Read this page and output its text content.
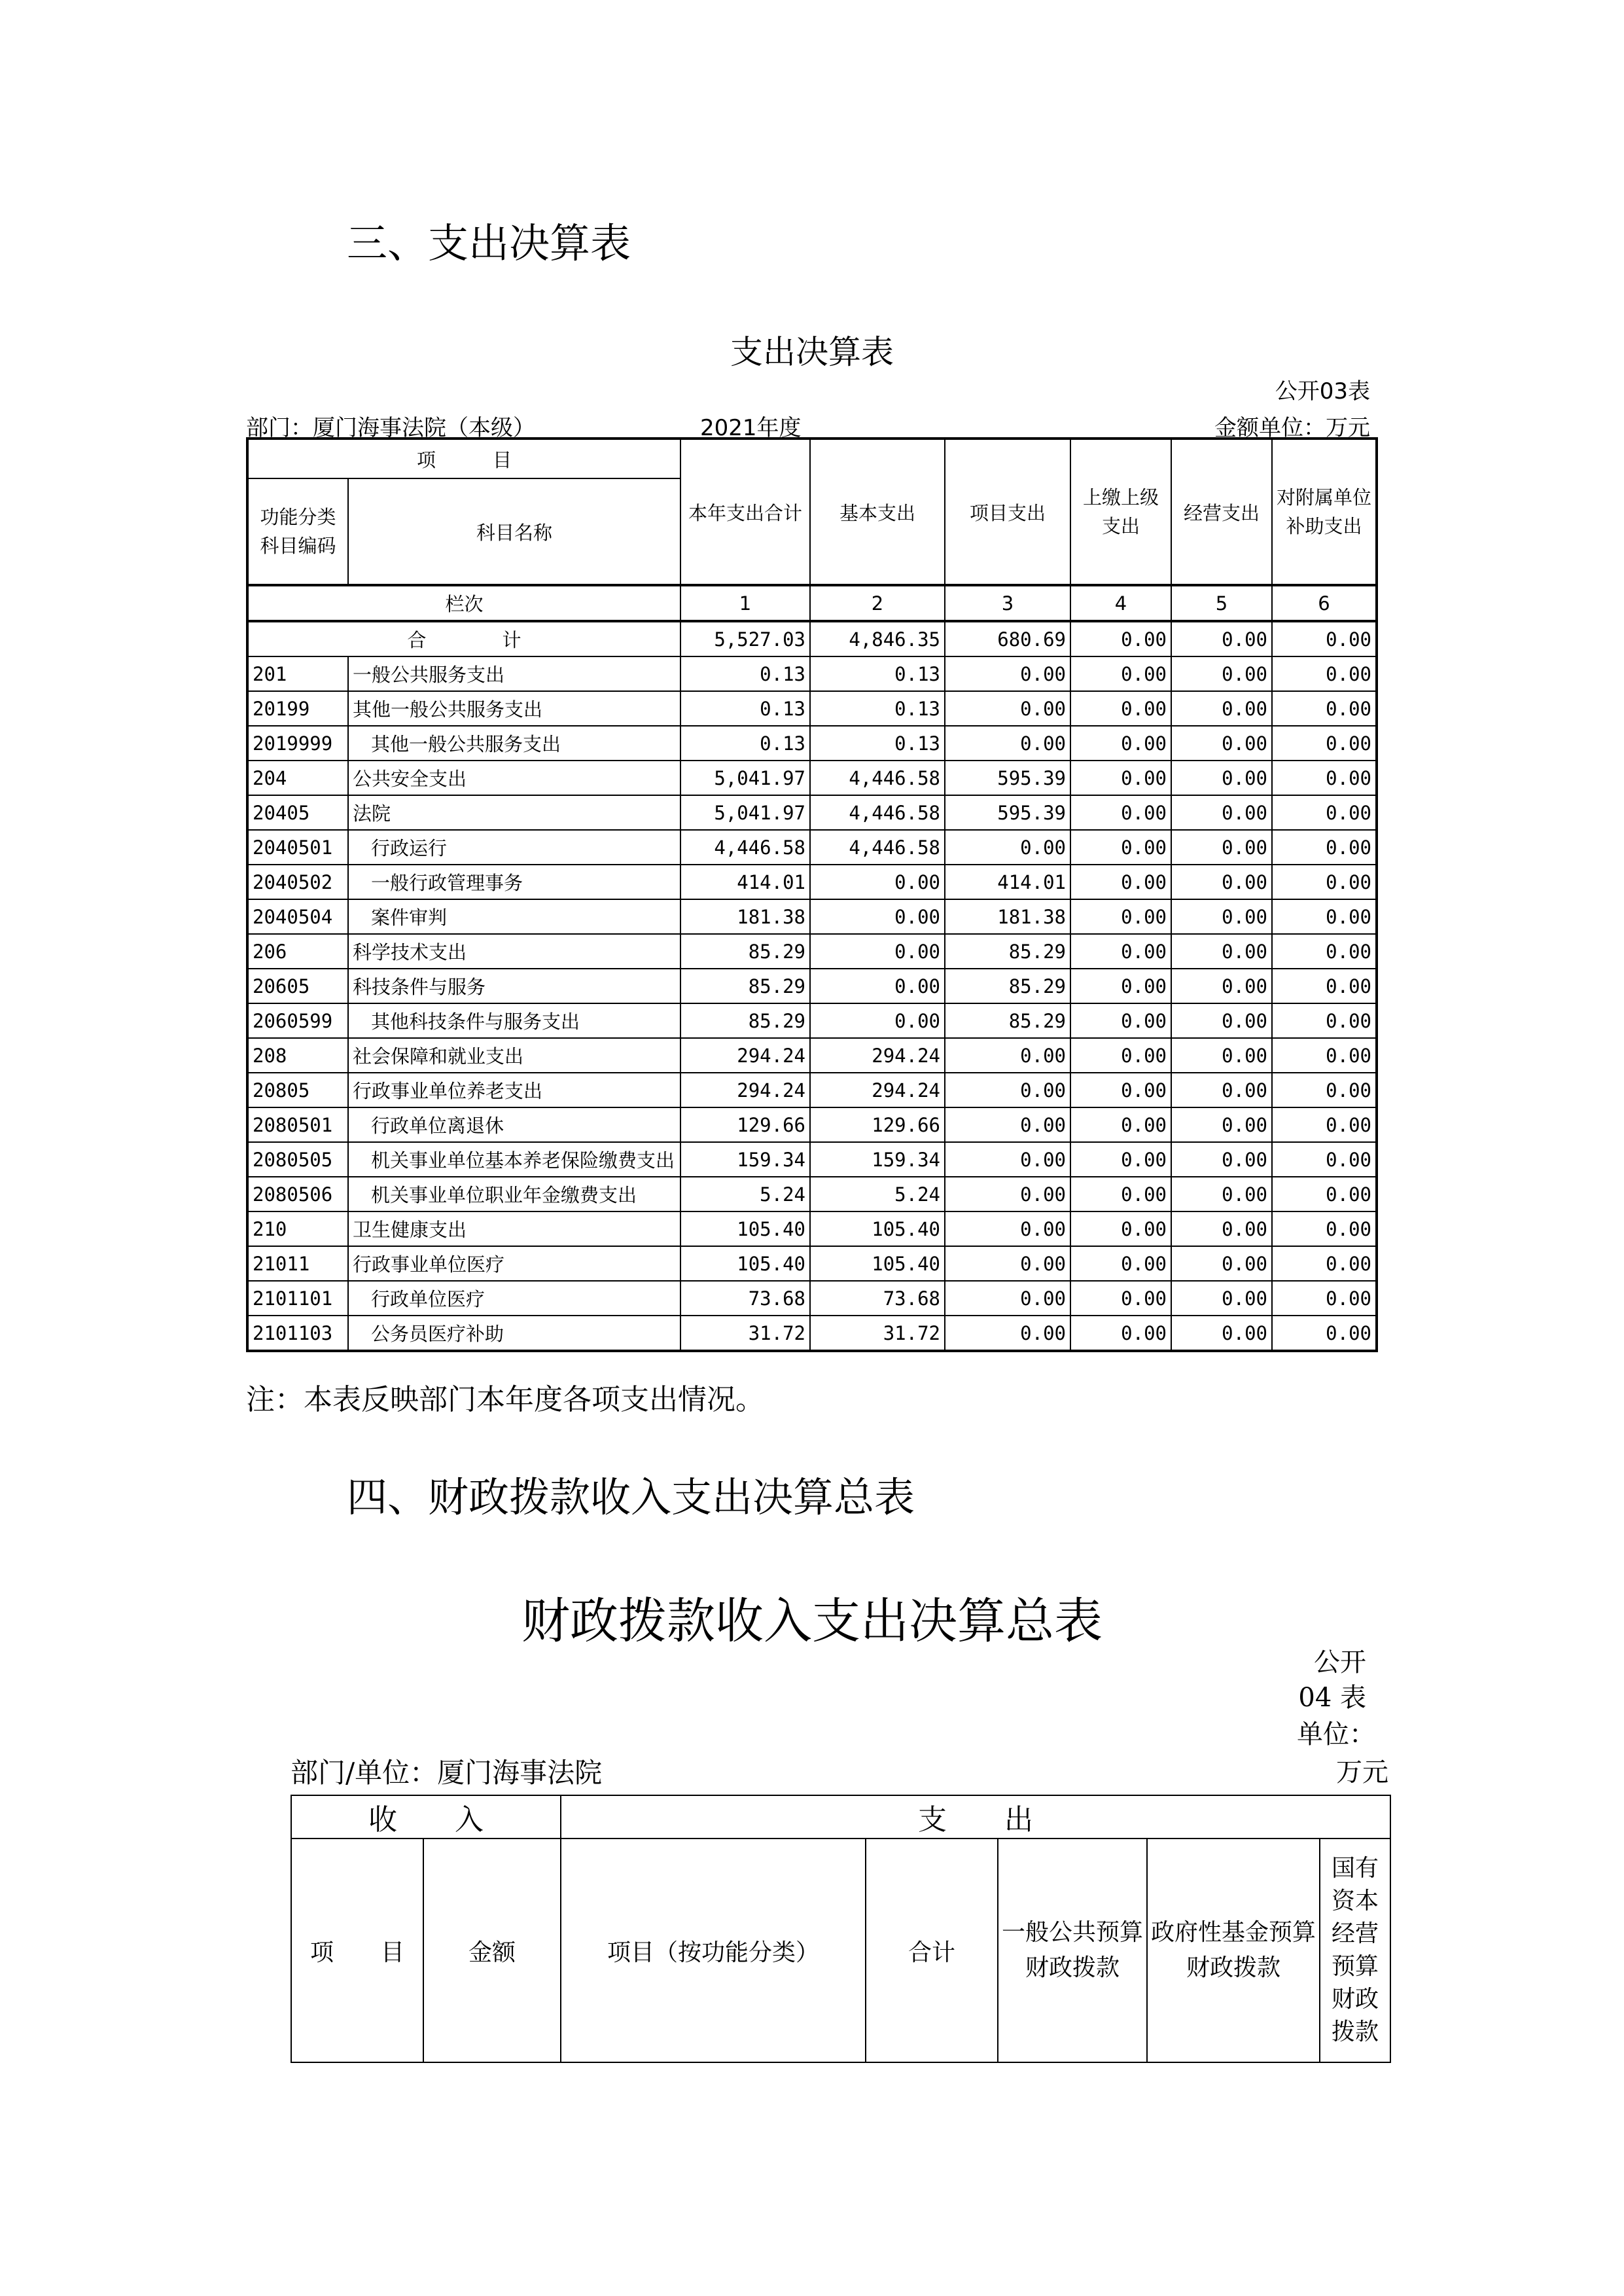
三、支出决算表
支出决算表
公开03表
部门：厦门海事法院（本级）	2021年度	金额单位：万元
项　　　目		本年支出合计	基本支出	项目支出	上缴上级支出	经营支出	对附属单位补助支出
功能分类科目编码	科目名称						
栏次		1	2	3	4	5	6
合　　　　计		5,527.03	4,846.35	680.69	0.00	0.00	0.00
201	一般公共服务支出	0.13	0.13	0.00	0.00	0.00	0.00
20199	其他一般公共服务支出	0.13	0.13	0.00	0.00	0.00	0.00
2019999	其他一般公共服务支出	0.13	0.13	0.00	0.00	0.00	0.00
204	公共安全支出	5,041.97	4,446.58	595.39	0.00	0.00	0.00
20405	法院	5,041.97	4,446.58	595.39	0.00	0.00	0.00
2040501	行政运行	4,446.58	4,446.58	0.00	0.00	0.00	0.00
2040502	一般行政管理事务	414.01	0.00	414.01	0.00	0.00	0.00
2040504	案件审判	181.38	0.00	181.38	0.00	0.00	0.00
206	科学技术支出	85.29	0.00	85.29	0.00	0.00	0.00
20605	科技条件与服务	85.29	0.00	85.29	0.00	0.00	0.00
2060599	其他科技条件与服务支出	85.29	0.00	85.29	0.00	0.00	0.00
208	社会保障和就业支出	294.24	294.24	0.00	0.00	0.00	0.00
20805	行政事业单位养老支出	294.24	294.24	0.00	0.00	0.00	0.00
2080501	行政单位离退休	129.66	129.66	0.00	0.00	0.00	0.00
2080505	机关事业单位基本养老保险缴费支出	159.34	159.34	0.00	0.00	0.00	0.00
2080506	机关事业单位职业年金缴费支出	5.24	5.24	0.00	0.00	0.00	0.00
210	卫生健康支出	105.40	105.40	0.00	0.00	0.00	0.00
21011	行政事业单位医疗	105.40	105.40	0.00	0.00	0.00	0.00
2101101	行政单位医疗	73.68	73.68	0.00	0.00	0.00	0.00
2101103	公务员医疗补助	31.72	31.72	0.00	0.00	0.00	0.00
注：本表反映部门本年度各项支出情况。
四、财政拨款收入支出决算总表
财政拨款收入支出决算总表
公开
04 表
单位：
万元
部门/单位：厦门海事法院
收　　入		支　　出				
项　　目	金额	项目（按功能分类）	合计	一般公共预算财政拨款	政府性基金预算财政拨款	国有资本经营预算财政拨款
